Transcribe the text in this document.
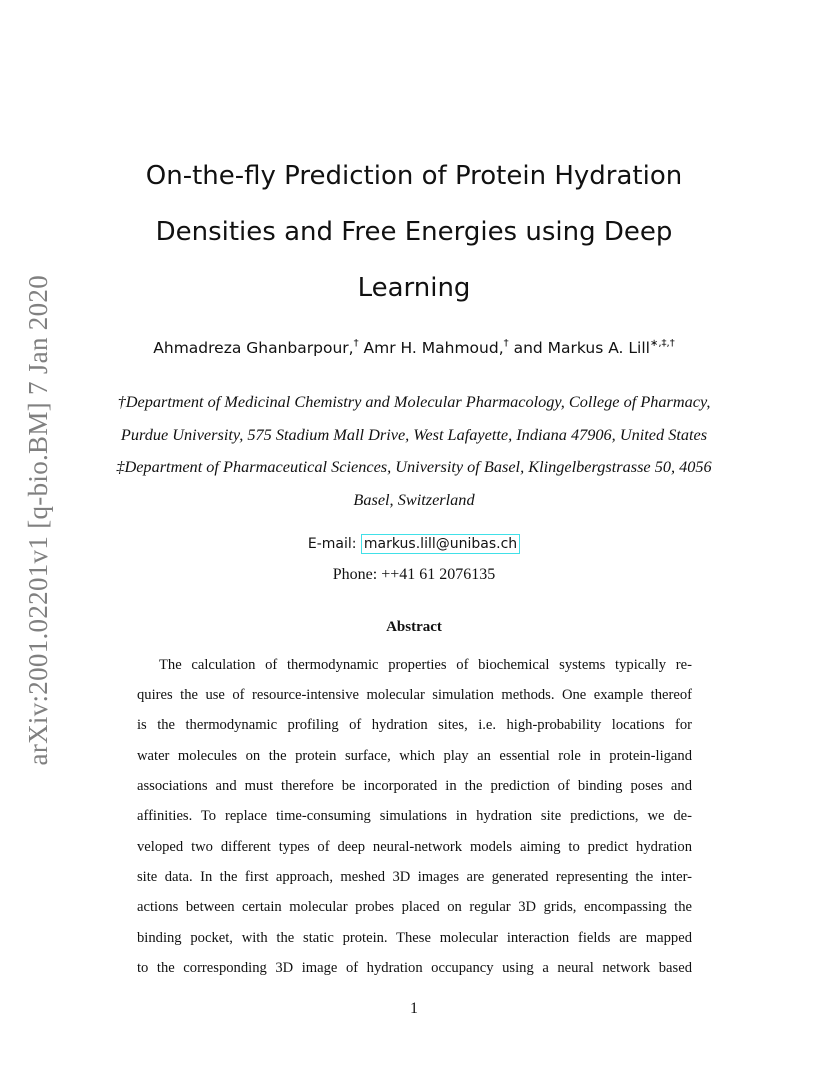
arXiv:2001.02201v1 [q-bio.BM] 7 Jan 2020
On-the-fly Prediction of Protein Hydration
Densities and Free Energies using Deep
Learning
Ahmadreza Ghanbarpour,† Amr H. Mahmoud,† and Markus A. Lill∗,‡,†
†Department of Medicinal Chemistry and Molecular Pharmacology, College of Pharmacy,
Purdue University, 575 Stadium Mall Drive, West Lafayette, Indiana 47906, United States
‡Department of Pharmaceutical Sciences, University of Basel, Klingelbergstrasse 50, 4056
Basel, Switzerland
E-mail: markus.lill@unibas.ch
Phone: ++41 61 2076135
Abstract
The calculation of thermodynamic properties of biochemical systems typically re-
quires the use of resource-intensive molecular simulation methods. One example thereof
is the thermodynamic profiling of hydration sites, i.e. high-probability locations for
water molecules on the protein surface, which play an essential role in protein-ligand
associations and must therefore be incorporated in the prediction of binding poses and
affinities. To replace time-consuming simulations in hydration site predictions, we de-
veloped two different types of deep neural-network models aiming to predict hydration
site data. In the first approach, meshed 3D images are generated representing the inter-
actions between certain molecular probes placed on regular 3D grids, encompassing the
binding pocket, with the static protein. These molecular interaction fields are mapped
to the corresponding 3D image of hydration occupancy using a neural network based
1
